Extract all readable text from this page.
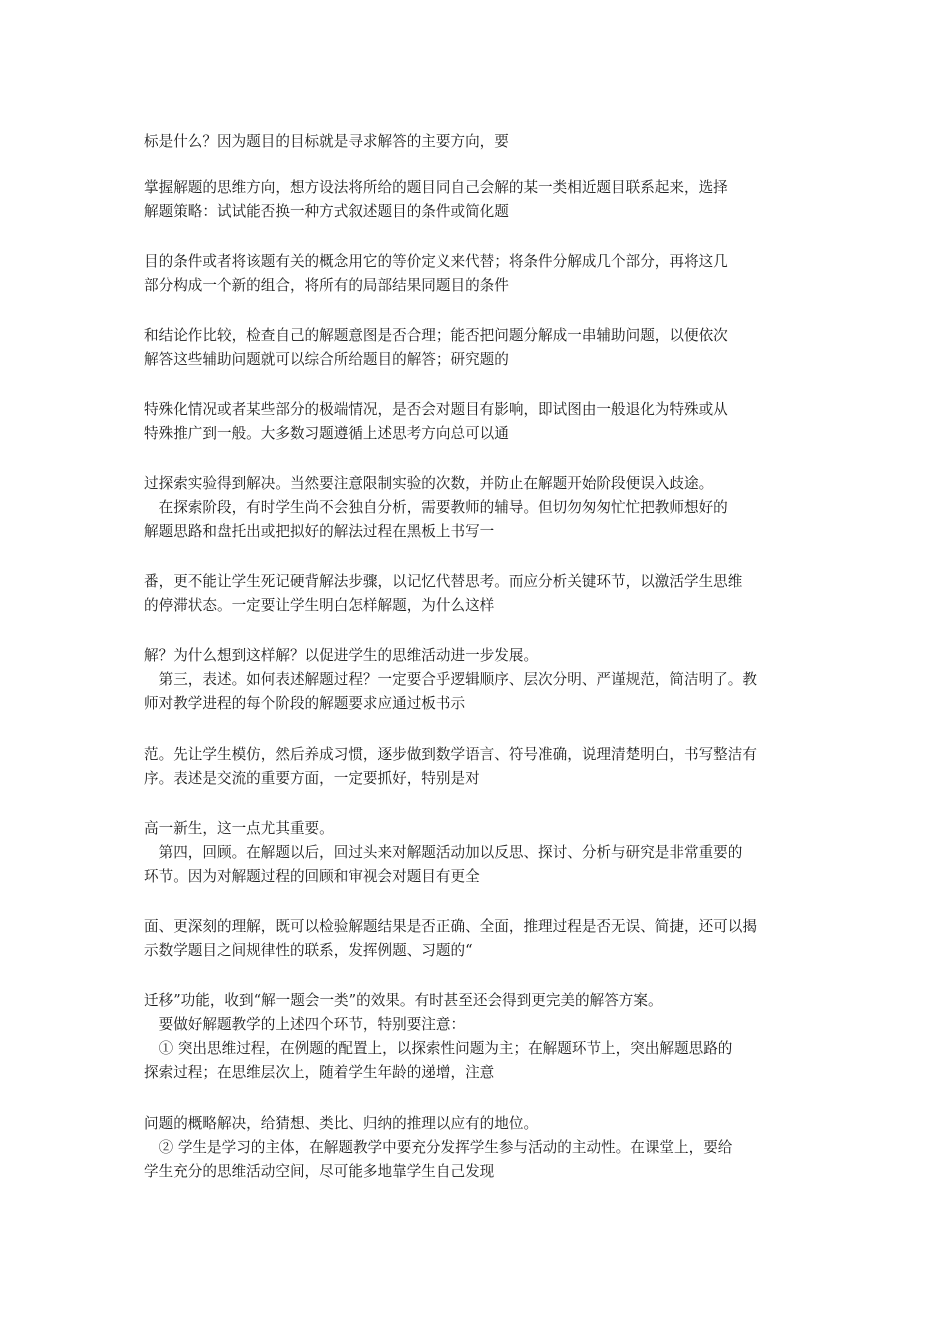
标是什么？因为题目的目标就是寻求解答的主要方向，要
掌握解题的思维方向，想方设法将所给的题目同自己会解的某一类相近题目联系起来，选择
解题策略：试试能否换一种方式叙述题目的条件或简化题
目的条件或者将该题有关的概念用它的等价定义来代替；将条件分解成几个部分，再将这几
部分构成一个新的组合，将所有的局部结果同题目的条件
和结论作比较，检查自己的解题意图是否合理；能否把问题分解成一串辅助问题，以便依次
解答这些辅助问题就可以综合所给题目的解答；研究题的
特殊化情况或者某些部分的极端情况，是否会对题目有影响，即试图由一般退化为特殊或从
特殊推广到一般。大多数习题遵循上述思考方向总可以通
过探索实验得到解决。当然要注意限制实验的次数，并防止在解题开始阶段便误入歧途。
　在探索阶段，有时学生尚不会独自分析，需要教师的辅导。但切勿匆匆忙忙把教师想好的
解题思路和盘托出或把拟好的解法过程在黑板上书写一
番，更不能让学生死记硬背解法步骤，以记忆代替思考。而应分析关键环节，以激活学生思维
的停滞状态。一定要让学生明白怎样解题，为什么这样
解？为什么想到这样解？以促进学生的思维活动进一步发展。
　第三，表述。如何表述解题过程？一定要合乎逻辑顺序、层次分明、严谨规范，简洁明了。教
师对教学进程的每个阶段的解题要求应通过板书示
范。先让学生模仿，然后养成习惯，逐步做到数学语言、符号准确，说理清楚明白，书写整洁有
序。表述是交流的重要方面，一定要抓好，特别是对
高一新生，这一点尤其重要。
　第四，回顾。在解题以后，回过头来对解题活动加以反思、探讨、分析与研究是非常重要的
环节。因为对解题过程的回顾和审视会对题目有更全
面、更深刻的理解，既可以检验解题结果是否正确、全面，推理过程是否无误、简捷，还可以揭
示数学题目之间规律性的联系，发挥例题、习题的“
迁移”功能，收到“解一题会一类”的效果。有时甚至还会得到更完美的解答方案。
　要做好解题教学的上述四个环节，特别要注意：
　① 突出思维过程，在例题的配置上，以探索性问题为主；在解题环节上，突出解题思路的
探索过程；在思维层次上，随着学生年龄的递增，注意
问题的概略解决，给猜想、类比、归纳的推理以应有的地位。
　② 学生是学习的主体，在解题教学中要充分发挥学生参与活动的主动性。在课堂上，要给
学生充分的思维活动空间，尽可能多地靠学生自己发现
